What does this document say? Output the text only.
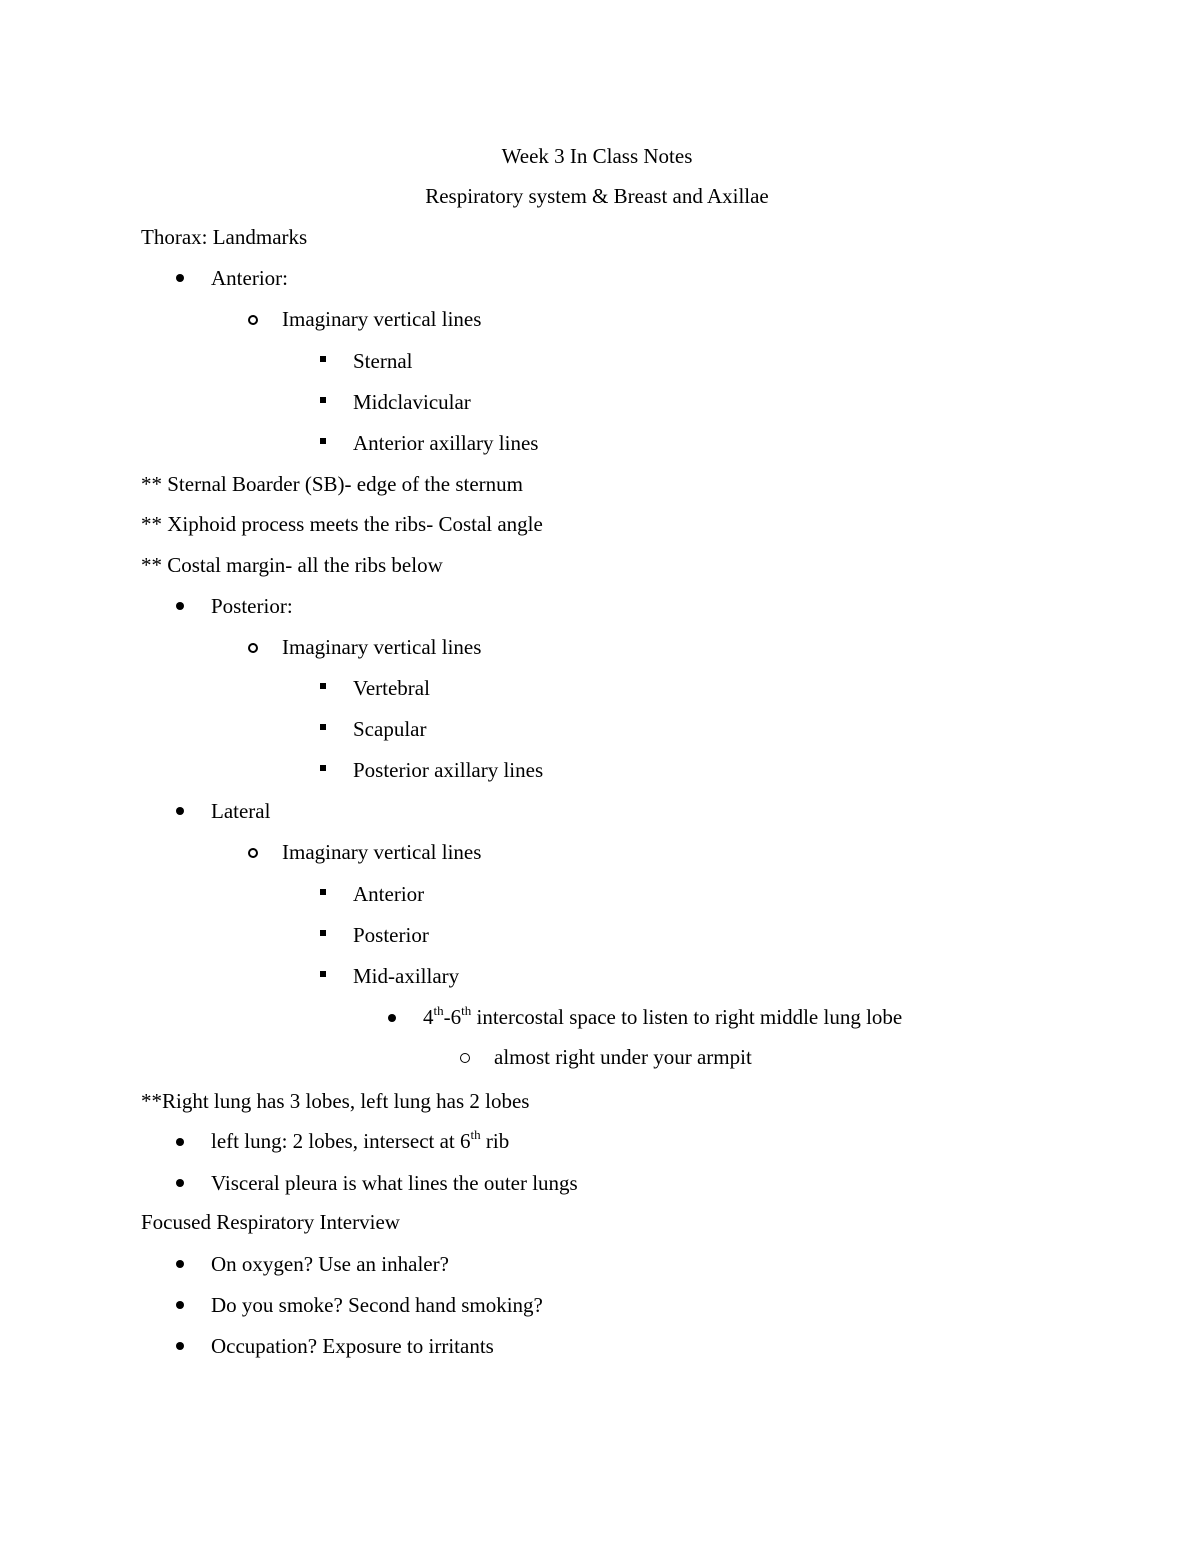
Week 3 In Class Notes
Respiratory system & Breast and Axillae
Thorax: Landmarks
Anterior:
Imaginary vertical lines
Sternal
Midclavicular
Anterior axillary lines
** Sternal Boarder (SB)- edge of the sternum
** Xiphoid process meets the ribs- Costal angle
** Costal margin- all the ribs below
Posterior:
Imaginary vertical lines
Vertebral
Scapular
Posterior axillary lines
Lateral
Imaginary vertical lines
Anterior
Posterior
Mid-axillary
4th-6th intercostal space to listen to right middle lung lobe
almost right under your armpit
**Right lung has 3 lobes, left lung has 2 lobes
left lung: 2 lobes, intersect at 6th rib
Visceral pleura is what lines the outer lungs
Focused Respiratory Interview
On oxygen? Use an inhaler?
Do you smoke? Second hand smoking?
Occupation? Exposure to irritants
